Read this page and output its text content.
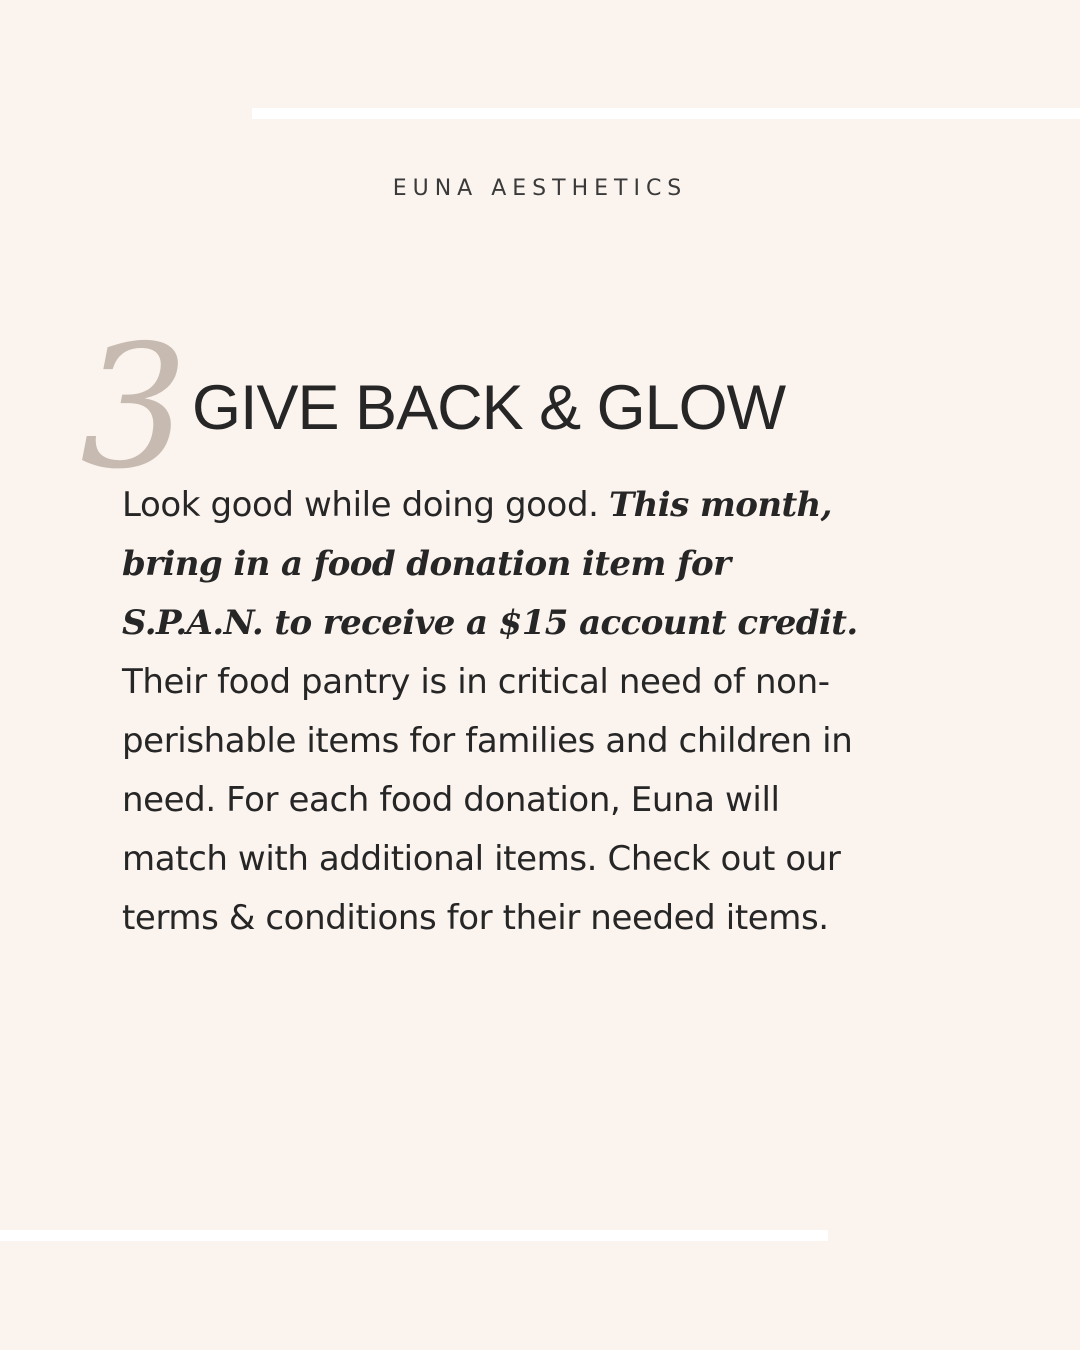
EUNA AESTHETICS
3 GIVE BACK & GLOW

Look good while doing good. This month, bring in a food donation item for S.P.A.N. to receive a $15 account credit. Their food pantry is in critical need of non-perishable items for families and children in need. For each food donation, Euna will match with additional items. Check out our terms & conditions for their needed items.
